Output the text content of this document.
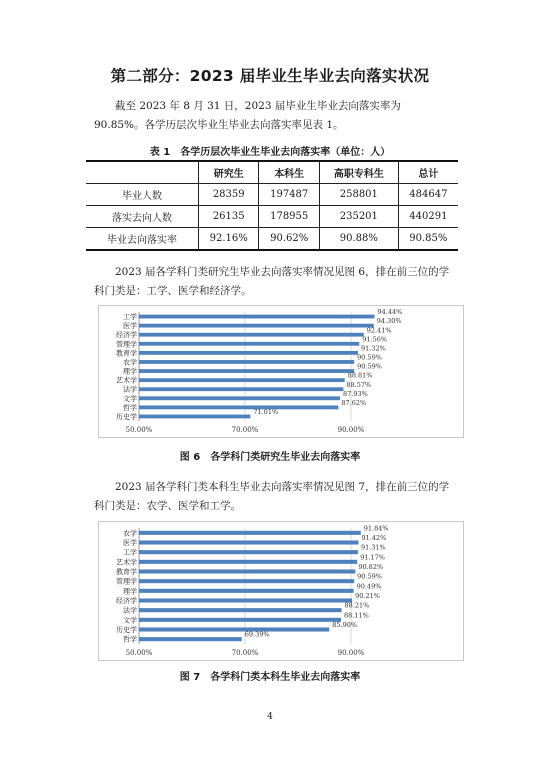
第二部分：2023 届毕业生毕业去向落实状况

截至 2023 年 8 月 31 日，2023 届毕业生毕业去向落实率为 90.85%。各学历层次毕业生毕业去向落实率见表 1。

表 1　各学历层次毕业生毕业去向落实率（单位：人）
	研究生	本科生	高职专科生	总计
毕业人数	28359	197487	258801	484647
落实去向人数	26135	178955	235201	440291
毕业去向落实率	92.16%	90.62%	90.88%	90.85%

2023 届各学科门类研究生毕业去向落实率情况见图 6，排在前三位的学科门类是：工学、医学和经济学。

50.00%	70.00%	90.00%
工学
94.44%
医学
94.30%
经济学
92.41%
管理学
91.56%
教育学
91.32%
农学
90.59%
理学
90.59%
艺术学
88.81%
法学
88.57%
文学
87.93%
哲学
87.62%
历史学
71.01%
图 6　各学科门类研究生毕业去向落实率

2023 届各学科门类本科生毕业去向落实率情况见图 7，排在前三位的学科门类是：农学、医学和工学。

50.00%	70.00%	90.00%
农学
91.84%
医学
91.42%
工学
91.31%
艺术学
91.17%
教育学
90.82%
管理学
90.59%
理学
90.49%
经济学
90.21%
法学
88.21%
文学
88.11%
历史学
85.90%
哲学
69.39%
图 7　各学科门类本科生毕业去向落实率
4
